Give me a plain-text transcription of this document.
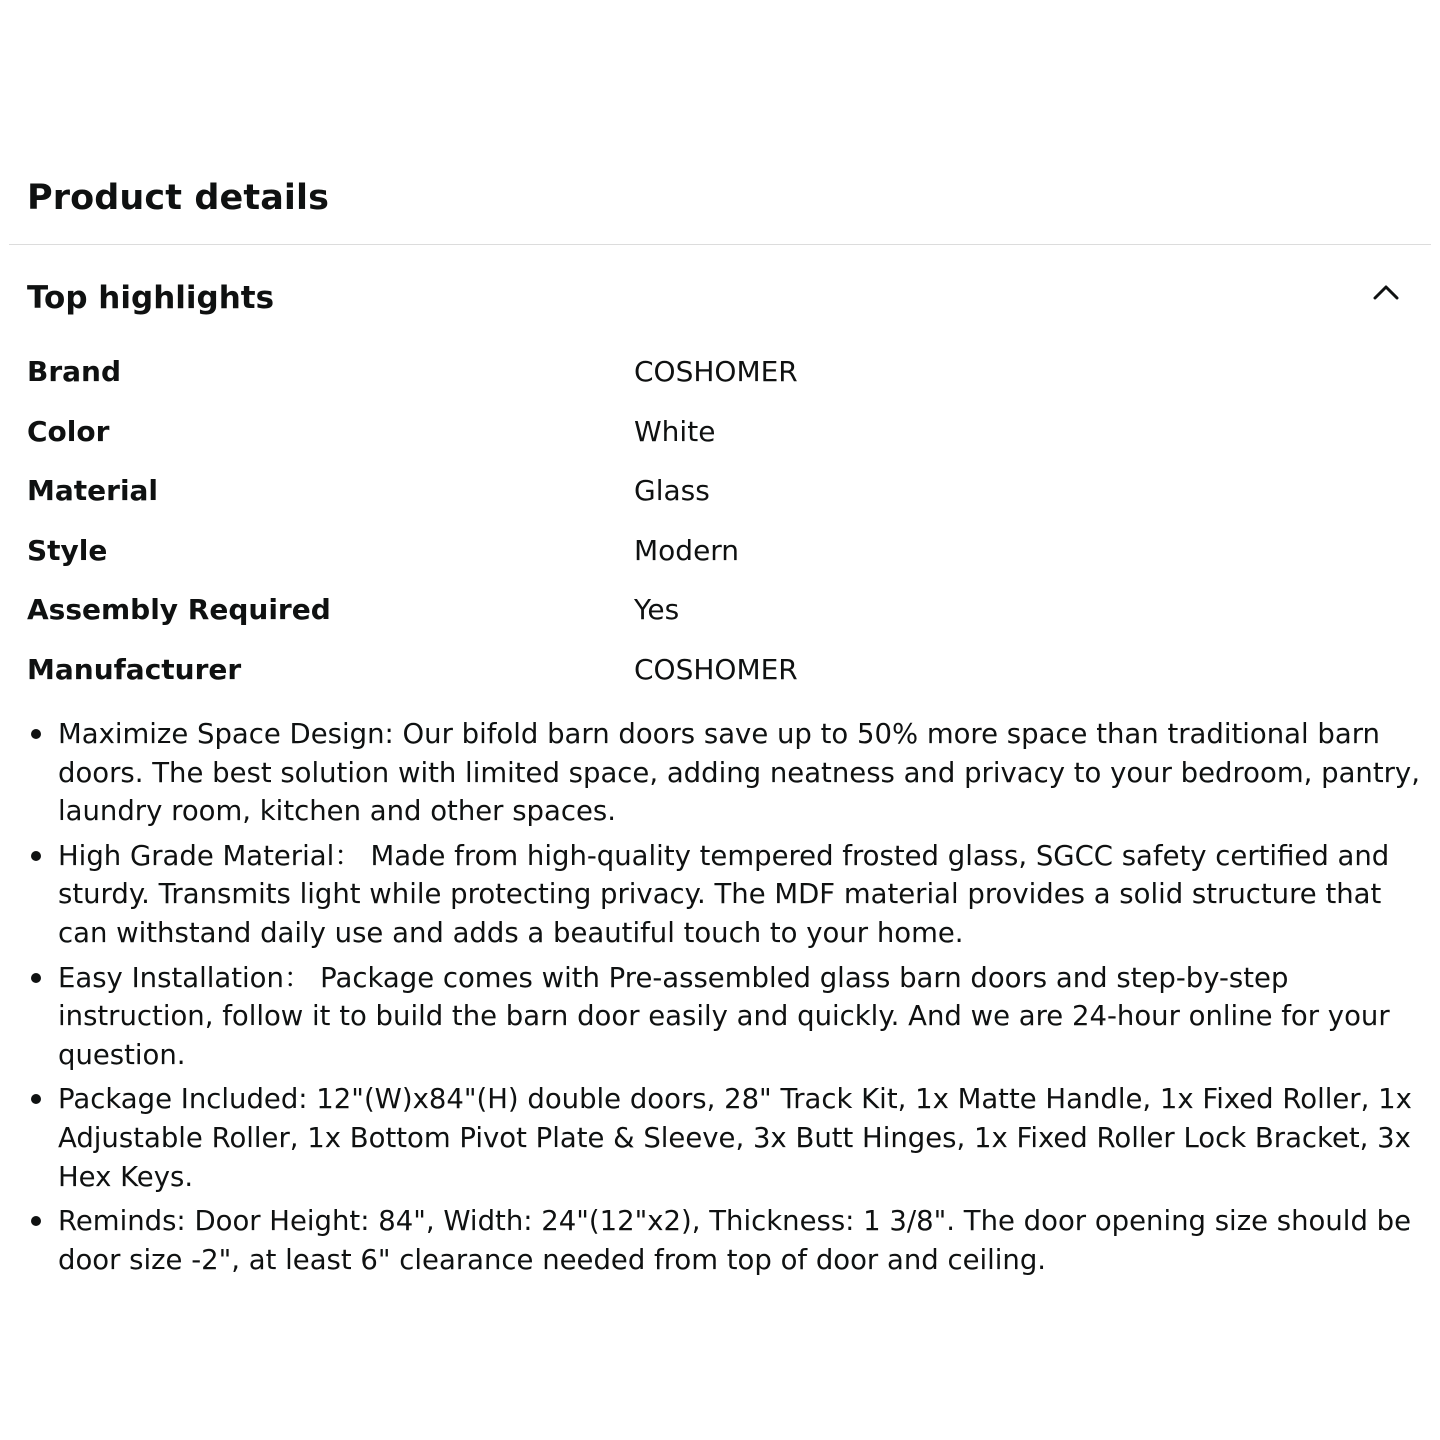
Product details
Top highlights
Brand	COSHOMER
Color	White
Material	Glass
Style	Modern
Assembly Required	Yes
Manufacturer	COSHOMER
Maximize Space Design: Our bifold barn doors save up to 50% more space than traditional barn doors. The best solution with limited space, adding neatness and privacy to your bedroom, pantry, laundry room, kitchen and other spaces.
High Grade Material： Made from high-quality tempered frosted glass, SGCC safety certified and sturdy. Transmits light while protecting privacy. The MDF material provides a solid structure that can withstand daily use and adds a beautiful touch to your home.
Easy Installation： Package comes with Pre-assembled glass barn doors and step-by-step instruction, follow it to build the barn door easily and quickly. And we are 24-hour online for your question.
Package Included: 12"(W)x84"(H) double doors, 28" Track Kit, 1x Matte Handle, 1x Fixed Roller, 1x Adjustable Roller, 1x Bottom Pivot Plate & Sleeve, 3x Butt Hinges, 1x Fixed Roller Lock Bracket, 3x Hex Keys.
Reminds: Door Height: 84", Width: 24"(12"x2), Thickness: 1 3/8". The door opening size should be door size -2", at least 6" clearance needed from top of door and ceiling.
